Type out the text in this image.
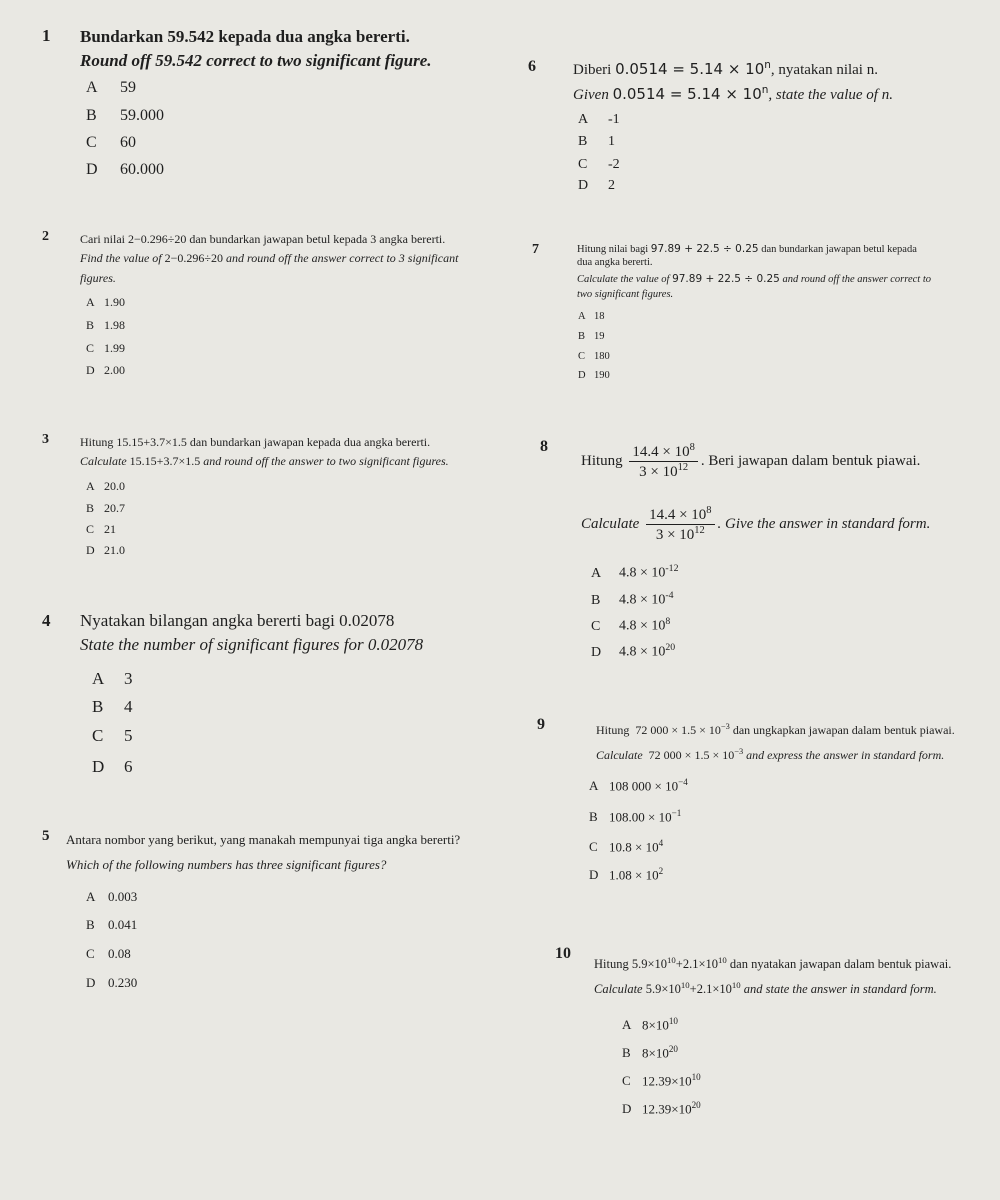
1 Bundarkan 59.542 kepada dua angka bererti.
Round off 59.542 correct to two significant figure.
A 59
B 59.000
C 60
D 60.000
2	Cari nilai 2−0.296÷20 dan bundarkan jawapan betul kepada 3 angka bererti.
Find the value of 2−0.296÷20 and round off the answer correct to 3 significant
figures.
A 1.90
B 1.98
C 1.99
D 2.00
3	Hitung 15.15+3.7×1.5 dan bundarkan jawapan kepada dua angka bererti.
Calculate 15.15+3.7×1.5 and round off the answer to two significant figures.
A 20.0
B 20.7
C 21
D 21.0
4 Nyatakan bilangan angka bererti bagi 0.02078
State the number of significant figures for 0.02078
A 3
B 4
C 5
D 6
5 Antara nombor yang berikut, yang manakah mempunyai tiga angka bererti?
Which of the following numbers has three significant figures?
A 0.003
B 0.041
C 0.08
D 0.230
6 Diberi $0.0514 = 5.14 \times 10^n$, nyatakan nilai n.
Given $0.0514 = 5.14 \times 10^n$, state the value of n.
A -1
B 1
C -2
D 2
7	Hitung nilai bagi 97.89 + 22.5 ÷ 0.25 dan bundarkan jawapan betul kepada
dua angka bererti.
Calculate the value of 97.89 + 22.5 ÷ 0.25 and round off the answer correct to
two significant figures.
A 18
B 19
C 180
D 190
8
Hitung $\frac{14.4 \times 10^8}{3 \times 10^{12}}$ . Beri jawapan dalam bentuk piawai.
Calculate $\frac{14.4 \times 10^8}{3 \times 10^{12}}$ . Give the answer in standard form.
A $4.8 \times 10^{-12}$
B $4.8 \times 10^{-4}$
C $4.8 \times 10^8$
D $4.8 \times 10^{20}$
9	Hitung 72 $000 \times 1.5 \times 10^{-3}$ dan ungkapkan jawapan dalam bentuk piawai.
Calculate 72 $000 \times 1.5 \times 10^{-3}$ and express the answer in standard form.
A 108 $000 \times 10^{-4}$
B $108.00 \times 10^{-1}$
C $10.8 \times 10^4$
D $1.08 \times 10^2$
10
Hitung $5.9\times 10^{10}+2.1\times 10^{10}$ dan nyatakan jawapan dalam bentuk piawai.
Calculate $5.9\times 10^{10}+2.1\times 10^{10}$ and state the answer in standard form.
A $8\times 10^{10}$
B $8\times 10^{20}$
C $12.39\times 10^{10}$
D $12.39\times 10^{20}$
